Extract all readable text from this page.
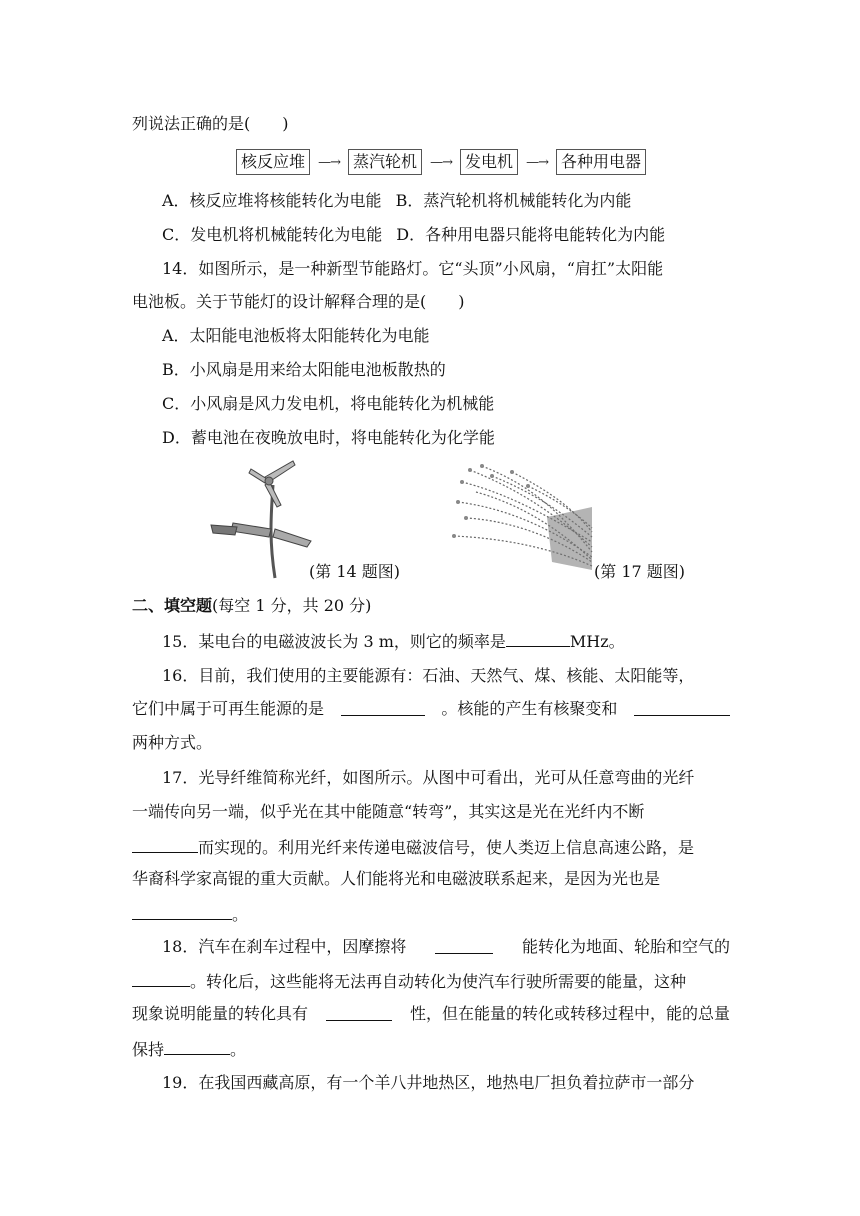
列说法正确的是(　　)
核反应堆	—→ 蒸汽轮机	—→ 发电机	—→ 各种用电器
A．核反应堆将核能转化为电能 B．蒸汽轮机将机械能转化为内能
C．发电机将机械能转化为电能 D．各种用电器只能将电能转化为内能
14．如图所示，是一种新型节能路灯。它“头顶”小风扇，“肩扛”太阳能
电池板。关于节能灯的设计解释合理的是(　　)
A．太阳能电池板将太阳能转化为电能
B．小风扇是用来给太阳能电池板散热的
C．小风扇是风力发电机，将电能转化为机械能
D．蓄电池在夜晚放电时，将电能转化为化学能
(第 14 题图)	(第 17 题图)
二、填空题(每空 1 分，共 20 分)
15．某电台的电磁波波长为 3 m，则它的频率是	MHz。
16．目前，我们使用的主要能源有：石油、天然气、煤、核能、太阳能等，
它们中属于可再生能源的是	。核能的产生有核聚变和
两种方式。
17．光导纤维简称光纤，如图所示。从图中可看出，光可从任意弯曲的光纤
一端传向另一端，似乎光在其中能随意“转弯”，其实这是光在光纤内不断
而实现的。利用光纤来传递电磁波信号，使人类迈上信息高速公路，是
华裔科学家高锟的重大贡献。人们能将光和电磁波联系起来，是因为光也是
。
18．汽车在刹车过程中，因摩擦将	能转化为地面、轮胎和空气的
。转化后，这些能将无法再自动转化为使汽车行驶所需要的能量，这种
现象说明能量的转化具有	性，但在能量的转化或转移过程中，能的总量
保持	。
19．在我国西藏高原，有一个羊八井地热区，地热电厂担负着拉萨市一部分
